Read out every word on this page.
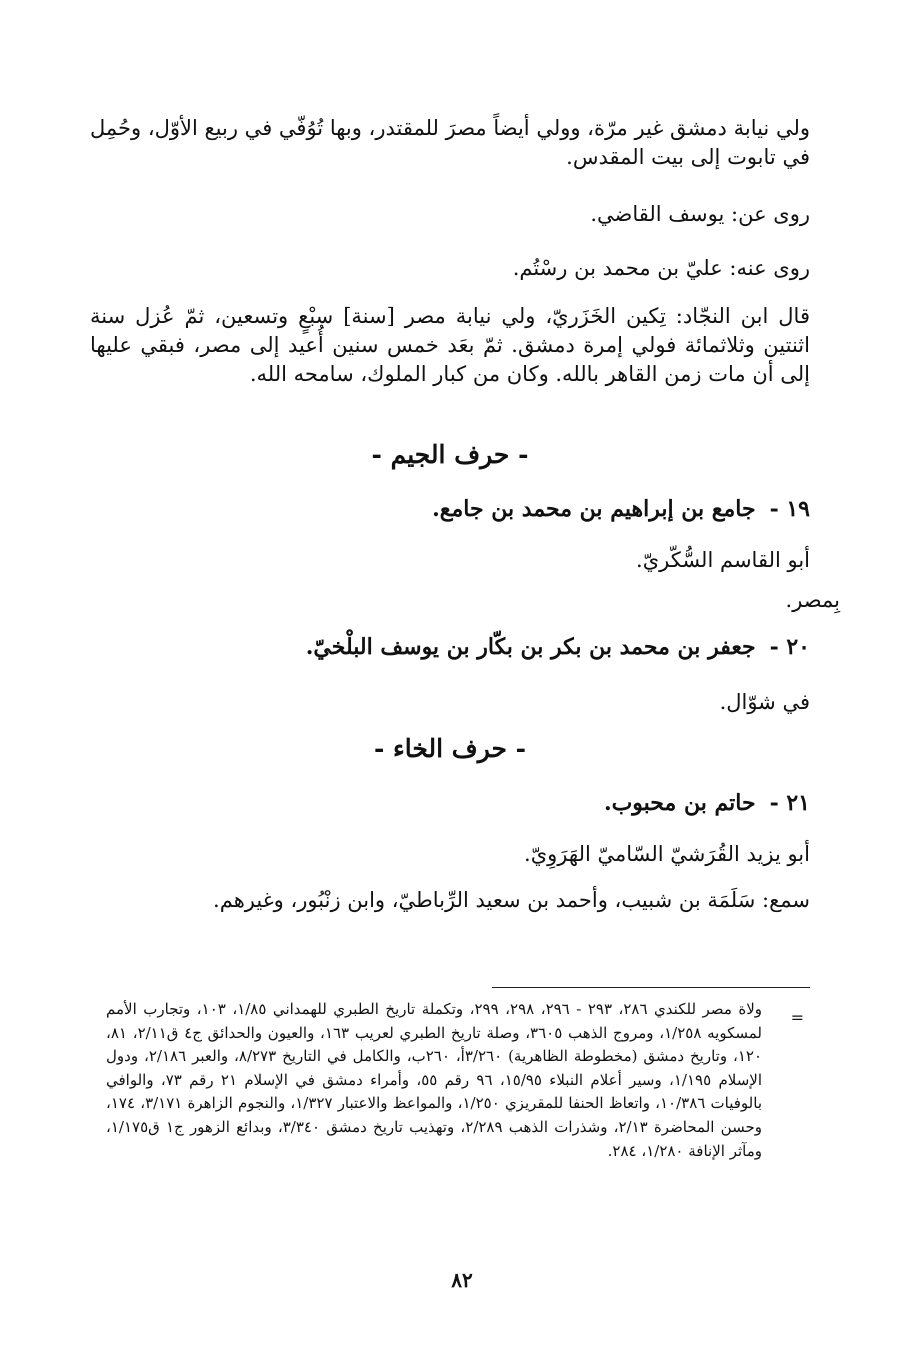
ولي نيابة دمشق غير مرّة، وولي أيضاً مصرَ للمقتدر، وبها تُوُفّي في ربيع الأوّل، وحُمِل في تابوت إلى بيت المقدس.

روى عن: يوسف القاضي.

روى عنه: عليّ بن محمد بن رسْتُم.

قال ابن النجّاد: تِكين الخَزَريّ، ولي نيابة مصر [سنة] سبْعٍ وتسعين، ثمّ عُزل سنة اثنتين وثلاثمائة فولي إمرة دمشق. ثمّ بعَد خمس سنين أُعيد إلى مصر، فبقي عليها إلى أن مات زمن القاهر بالله. وكان من كبار الملوك، سامحه الله.

- حرف الجيم -
١٩ -جامع بن إبراهيم بن محمد بن جامع.
أبو القاسم السُّكّريّ.
بِمصر.
٢٠ -جعفر بن محمد بن بكر بن بكّار بن يوسف البلْخيّ.
في شوّال.
- حرف الخاء -
٢١ -حاتم بن محبوب.
أبو يزيد القُرَشيّ السّاميّ الهَرَوِيّ.

سمع: سَلَمَة بن شبيب، وأحمد بن سعيد الرِّباطيّ، وابن زنْبُور، وغيرهم.

=

ولاة مصر للكندي ٢٨٦، ٢٩٣ - ٢٩٦، ٢٩٨، ٢٩٩، وتكملة تاريخ الطبري للهمداني ١/٨٥، ١٠٣، وتجارب الأمم لمسكويه ١/٢٥٨، ومروج الذهب ٣٦٠٥، وصلة تاريخ الطبري لعريب ١٦٣، والعيون والحدائق ج٤ ق٢/١١، ٨١، ١٢٠، وتاريخ دمشق (مخطوطة الظاهرية) ٣/٢٦٠أ، ٢٦٠ب، والكامل في التاريخ ٨/٢٧٣، والعبر ٢/١٨٦، ودول الإسلام ١/١٩٥، وسير أعلام النبلاء ١٥/٩٥، ٩٦ رقم ٥٥، وأمراء دمشق في الإسلام ٢١ رقم ٧٣، والوافي بالوفيات ١٠/٣٨٦، واتعاظ الحنفا للمقريزي ١/٢٥٠، والمواعظ والاعتبار ١/٣٢٧، والنجوم الزاهرة ٣/١٧١، ١٧٤، وحسن المحاضرة ٢/١٣، وشذرات الذهب ٢/٢٨٩، وتهذيب تاريخ دمشق ٣/٣٤٠، وبدائع الزهور ج١ ق١/١٧٥، ومآثر الإنافة ١/٢٨٠، ٢٨٤.

٨٢
